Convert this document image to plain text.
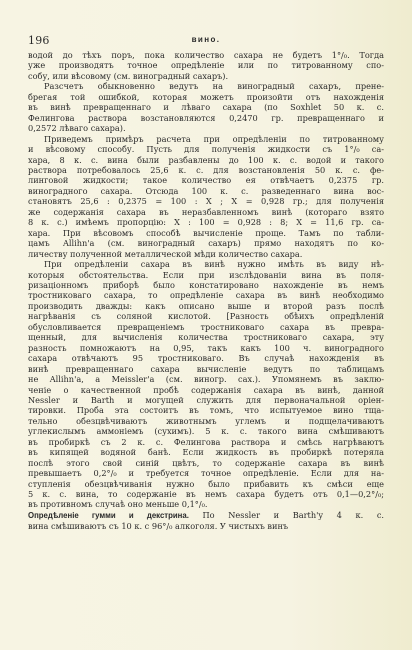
196	вино.
водой до тѣхъ поръ, пока количество сахара не будетъ 1°/₀. Тогда
уже производятъ точное опредѣленіе или по титрованному спо-
собу, или вѣсовому (см. виноградный сахаръ).
Разсчетъ обыкновенно ведутъ на виноградный сахаръ, прене-
брегая той ошибкой, которая можетъ произойти отъ нахожденія
въ винѣ превращеннаго и лѣваго сахара (по Soxhlet 50 к. с.
Фелингова раствора возстановляются 0,2470 гр. превращеннаго и
0,2572 лѣваго сахара).
Приведемъ примѣръ расчета при опредѣленіи по титрованному
и вѣсовому способу. Пусть для полученія жидкости съ 1°/₀ са-
хара, 8 к. с. вина были разбавлены до 100 к. с. водой и такого
раствора потребовалось 25,6 к. с. для возстановленія 50 к. с. фе-
линговой жидкости; такое количество ея отвѣчаетъ 0,2375 гр.
виноградного сахара. Отсюда 100 к. с. разведеннаго вина вос-
становятъ 25,6 : 0,2375 = 100 : X ; X = 0,928 гр.; для полученія
же содержанія сахара въ неразбавленномъ винѣ (котораго взято
8 к. с.) имѣемъ пропорцію: X : 100 = 0,928 : 8; X = 11,6 гр. са-
хара. При вѣсовомъ способѣ вычисленіе проще. Тамъ по табли-
цамъ Allihn'а (см. виноградный сахаръ) прямо находятъ по ко-
личеству полученной металлической мѣди количество сахара.
При опредѣленіи сахара въ винѣ нужно имѣть въ виду нѣ-
которыя обстоятельства. Если при изслѣдованіи вина въ поля-
ризаціонномъ приборѣ было констатировано нахожденіе въ немъ
тростниковаго сахара, то опредѣленіе сахара въ винѣ необходимо
производить дважды: какъ описано выше и второй разъ послѣ
нагрѣванія съ соляной кислотой. [Разность обѣихъ опредѣленій
обусловливается превращеніемъ тростниковаго сахара въ превра-
щенный, для вычисленія количества тростниковаго сахара, эту
разность помножаютъ на 0,95, такъ какъ 100 ч. виноградного
сахара отвѣчаютъ 95 тростниковаго. Въ случаѣ нахожденія въ
винѣ превращеннаго сахара вычисленіе ведутъ по таблицамъ
не Allihn'a, a Meissler'a (см. виногр. сах.). Упомянемъ въ заклю-
ченіе о качественной пробѣ содержанія сахара въ винѣ, данной
Nessler и Barth и могущей служить для первоначальной оріен-
тировки. Проба эта состоитъ въ томъ, что испытуемое вино тща-
тельно обезцвѣчиваютъ животнымъ углемъ и подщелачиваютъ
углекислымъ аммоніемъ (сухимъ). 5 к. с. такого вина смѣшиваютъ
въ пробиркѣ съ 2 к. с. Фелингова раствора и смѣсь нагрѣваютъ
въ кипящей водяной банѣ. Если жидкость въ пробиркѣ потеряла
послѣ этого свой синій цвѣтъ, то содержаніе сахара въ винѣ
превышаетъ 0,2°/₀ и требуется точное опредѣленіе. Если для на-
ступленія обезцвѣчиванія нужно было прибавить къ смѣси еще
5 к. с. вина, то содержаніе въ немъ сахара будетъ отъ 0,1—0,2°/₀;
въ противномъ случаѣ оно меньше 0,1°/₀.
Опредѣленіе гумми и декстрина. По Nessler и Barth'y 4 к. с.
вина смѣшиваютъ съ 10 к. с 96°/₀ алкоголя. У чистыхъ винъ
